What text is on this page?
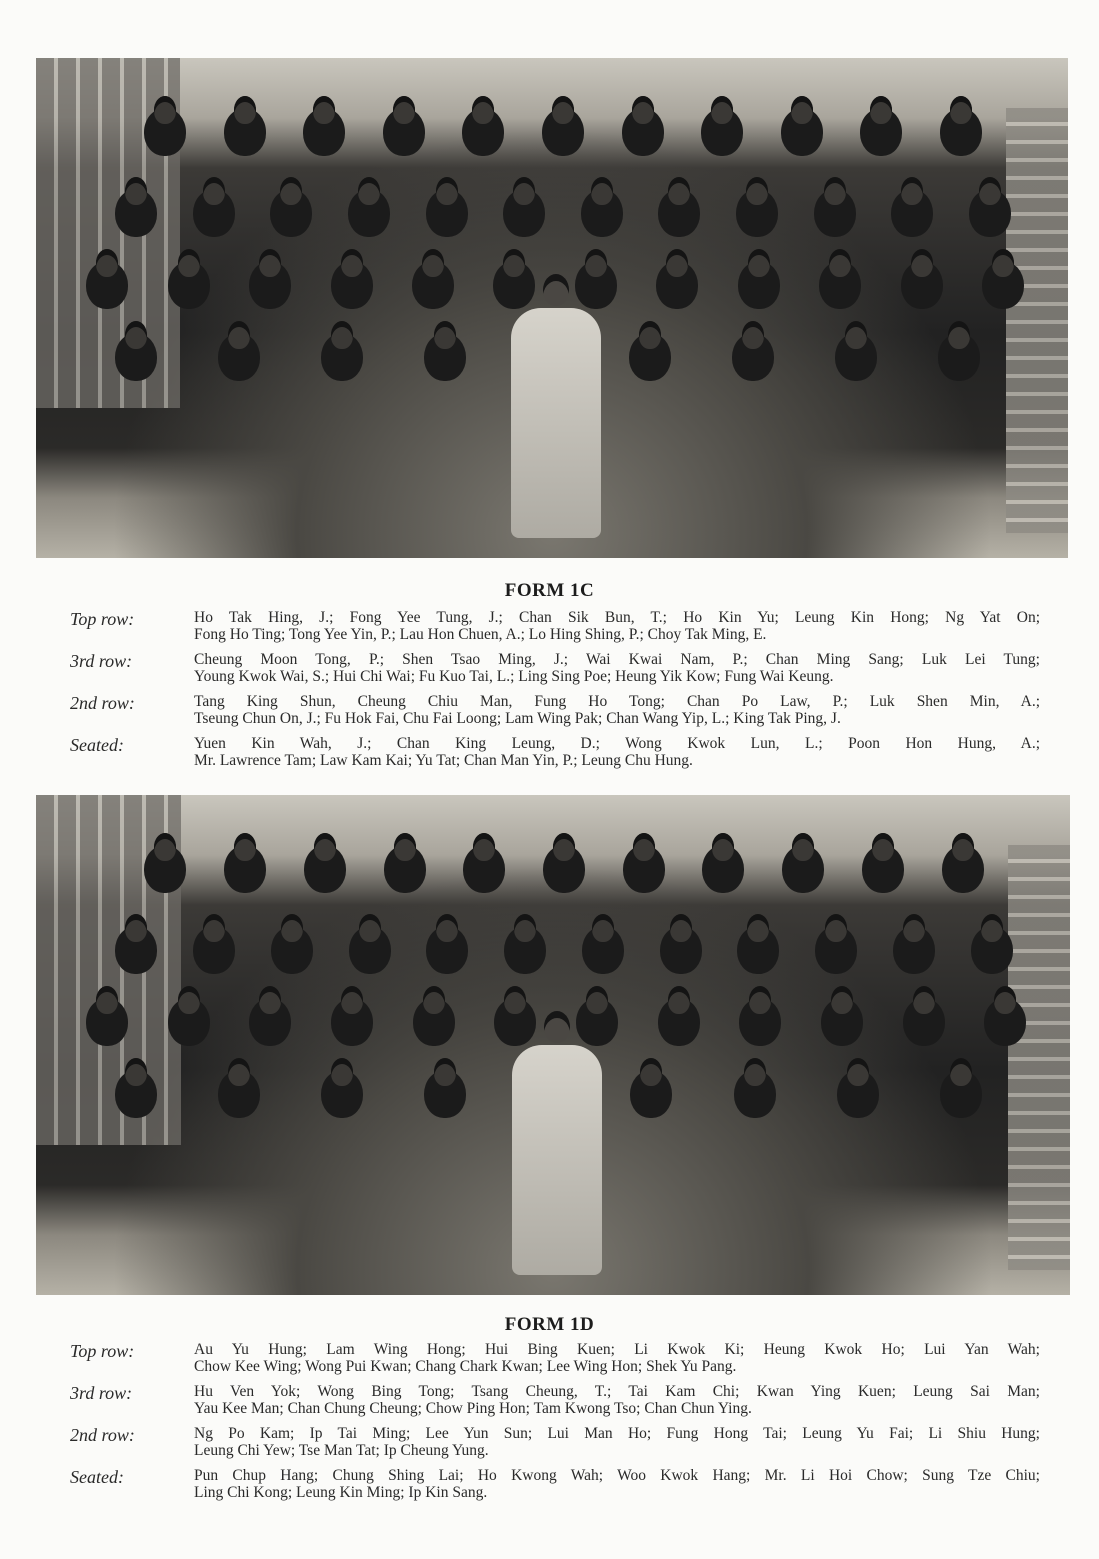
FORM 1C
Top row:	Ho Tak Hing, J.; Fong Yee Tung, J.; Chan Sik Bun, T.; Ho Kin Yu; Leung Kin Hong; Ng Yat On;
Fong Ho Ting; Tong Yee Yin, P.; Lau Hon Chuen, A.; Lo Hing Shing, P.; Choy Tak Ming, E.
3rd row:	Cheung Moon Tong, P.; Shen Tsao Ming, J.; Wai Kwai Nam, P.; Chan Ming Sang; Luk Lei Tung;
Young Kwok Wai, S.; Hui Chi Wai; Fu Kuo Tai, L.; Ling Sing Poe; Heung Yik Kow; Fung Wai Keung.
2nd row:	Tang King Shun, Cheung Chiu Man, Fung Ho Tong; Chan Po Law, P.; Luk Shen Min, A.;
Tseung Chun On, J.; Fu Hok Fai, Chu Fai Loong; Lam Wing Pak; Chan Wang Yip, L.; King Tak Ping, J.
Seated:	Yuen Kin Wah, J.; Chan King Leung, D.; Wong Kwok Lun, L.; Poon Hon Hung, A.;
Mr. Lawrence Tam; Law Kam Kai; Yu Tat; Chan Man Yin, P.; Leung Chu Hung.
FORM 1D
Top row:	Au Yu Hung; Lam Wing Hong; Hui Bing Kuen; Li Kwok Ki; Heung Kwok Ho; Lui Yan Wah;
Chow Kee Wing; Wong Pui Kwan; Chang Chark Kwan; Lee Wing Hon; Shek Yu Pang.
3rd row:	Hu Ven Yok; Wong Bing Tong; Tsang Cheung, T.; Tai Kam Chi; Kwan Ying Kuen; Leung Sai Man;
Yau Kee Man; Chan Chung Cheung; Chow Ping Hon; Tam Kwong Tso; Chan Chun Ying.
2nd row:	Ng Po Kam; Ip Tai Ming; Lee Yun Sun; Lui Man Ho; Fung Hong Tai; Leung Yu Fai; Li Shiu Hung;
Leung Chi Yew; Tse Man Tat; Ip Cheung Yung.
Seated:	Pun Chup Hang; Chung Shing Lai; Ho Kwong Wah; Woo Kwok Hang; Mr. Li Hoi Chow; Sung Tze Chiu;
Ling Chi Kong; Leung Kin Ming; Ip Kin Sang.
